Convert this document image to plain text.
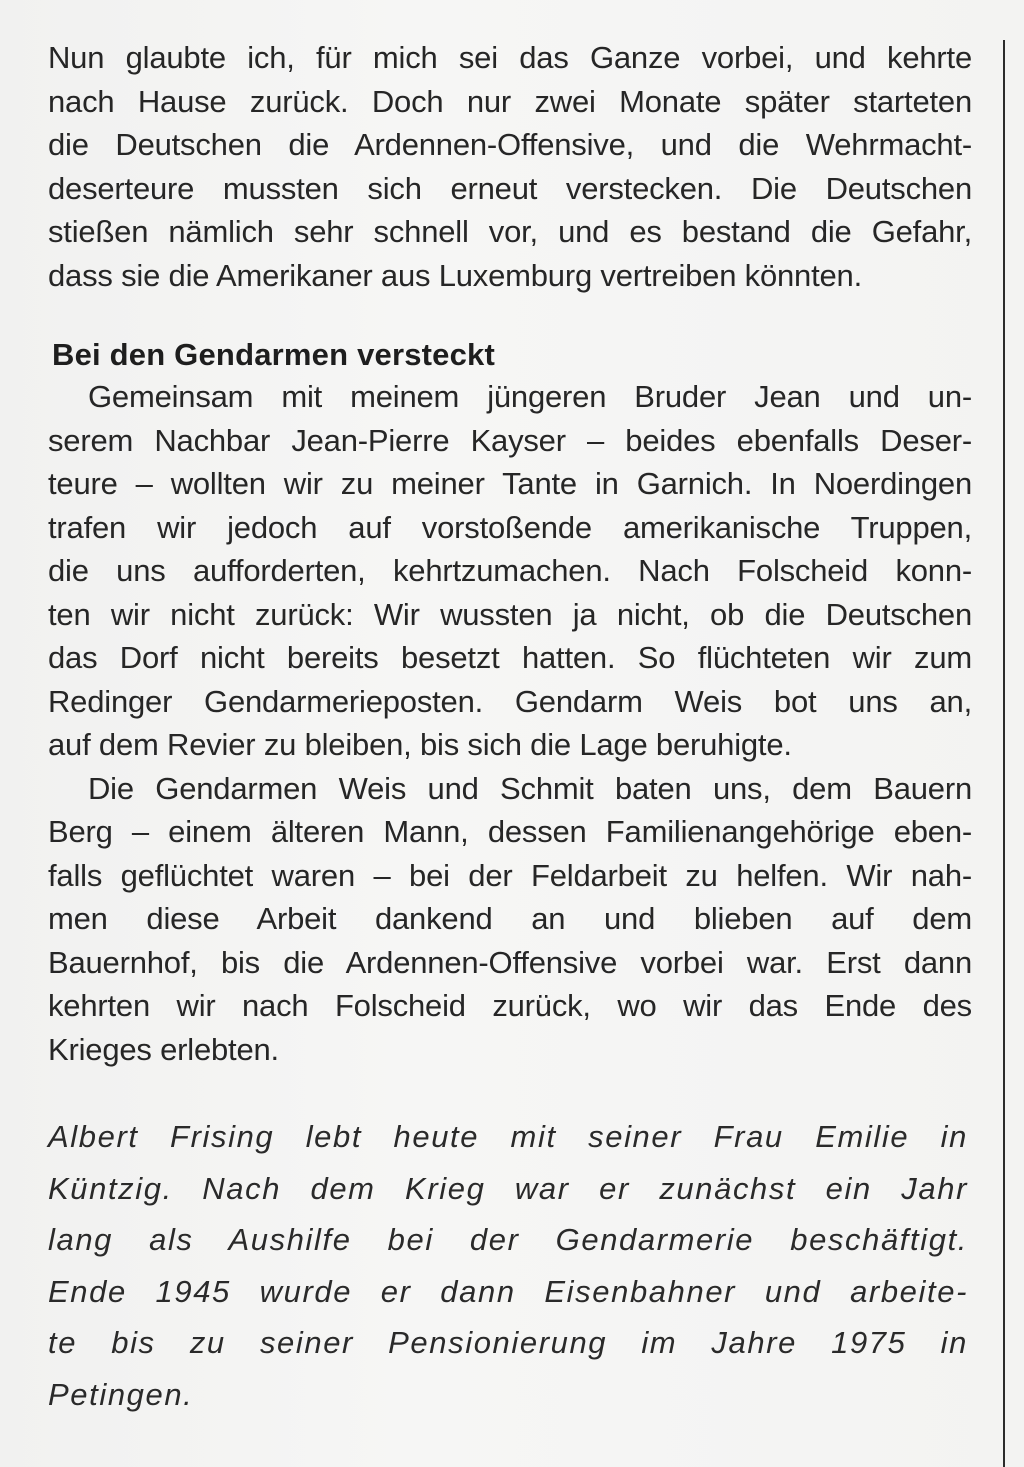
Nun glaubte ich, für mich sei das Ganze vorbei, und kehrte
nach Hause zurück. Doch nur zwei Monate später starteten
die Deutschen die Ardennen-Offensive, und die Wehrmacht-
deserteure mussten sich erneut verstecken. Die Deutschen
stießen nämlich sehr schnell vor, und es bestand die Gefahr,
dass sie die Amerikaner aus Luxemburg vertreiben könnten.

Bei den Gendarmen versteckt

Gemeinsam mit meinem jüngeren Bruder Jean und un-
serem Nachbar Jean-Pierre Kayser – beides ebenfalls Deser-
teure – wollten wir zu meiner Tante in Garnich. In Noerdingen
trafen wir jedoch auf vorstoßende amerikanische Truppen,
die uns aufforderten, kehrtzumachen. Nach Folscheid konn-
ten wir nicht zurück: Wir wussten ja nicht, ob die Deutschen
das Dorf nicht bereits besetzt hatten. So flüchteten wir zum
Redinger Gendarmerieposten. Gendarm Weis bot uns an,
auf dem Revier zu bleiben, bis sich die Lage beruhigte.

Die Gendarmen Weis und Schmit baten uns, dem Bauern
Berg – einem älteren Mann, dessen Familienangehörige eben-
falls geflüchtet waren – bei der Feldarbeit zu helfen. Wir nah-
men diese Arbeit dankend an und blieben auf dem
Bauernhof, bis die Ardennen-Offensive vorbei war. Erst dann
kehrten wir nach Folscheid zurück, wo wir das Ende des
Krieges erlebten.

Albert Frising lebt heute mit seiner Frau Emilie in
Küntzig. Nach dem Krieg war er zunächst ein Jahr
lang als Aushilfe bei der Gendarmerie beschäftigt.
Ende 1945 wurde er dann Eisenbahner und arbeite-
te bis zu seiner Pensionierung im Jahre 1975 in
Petingen.
